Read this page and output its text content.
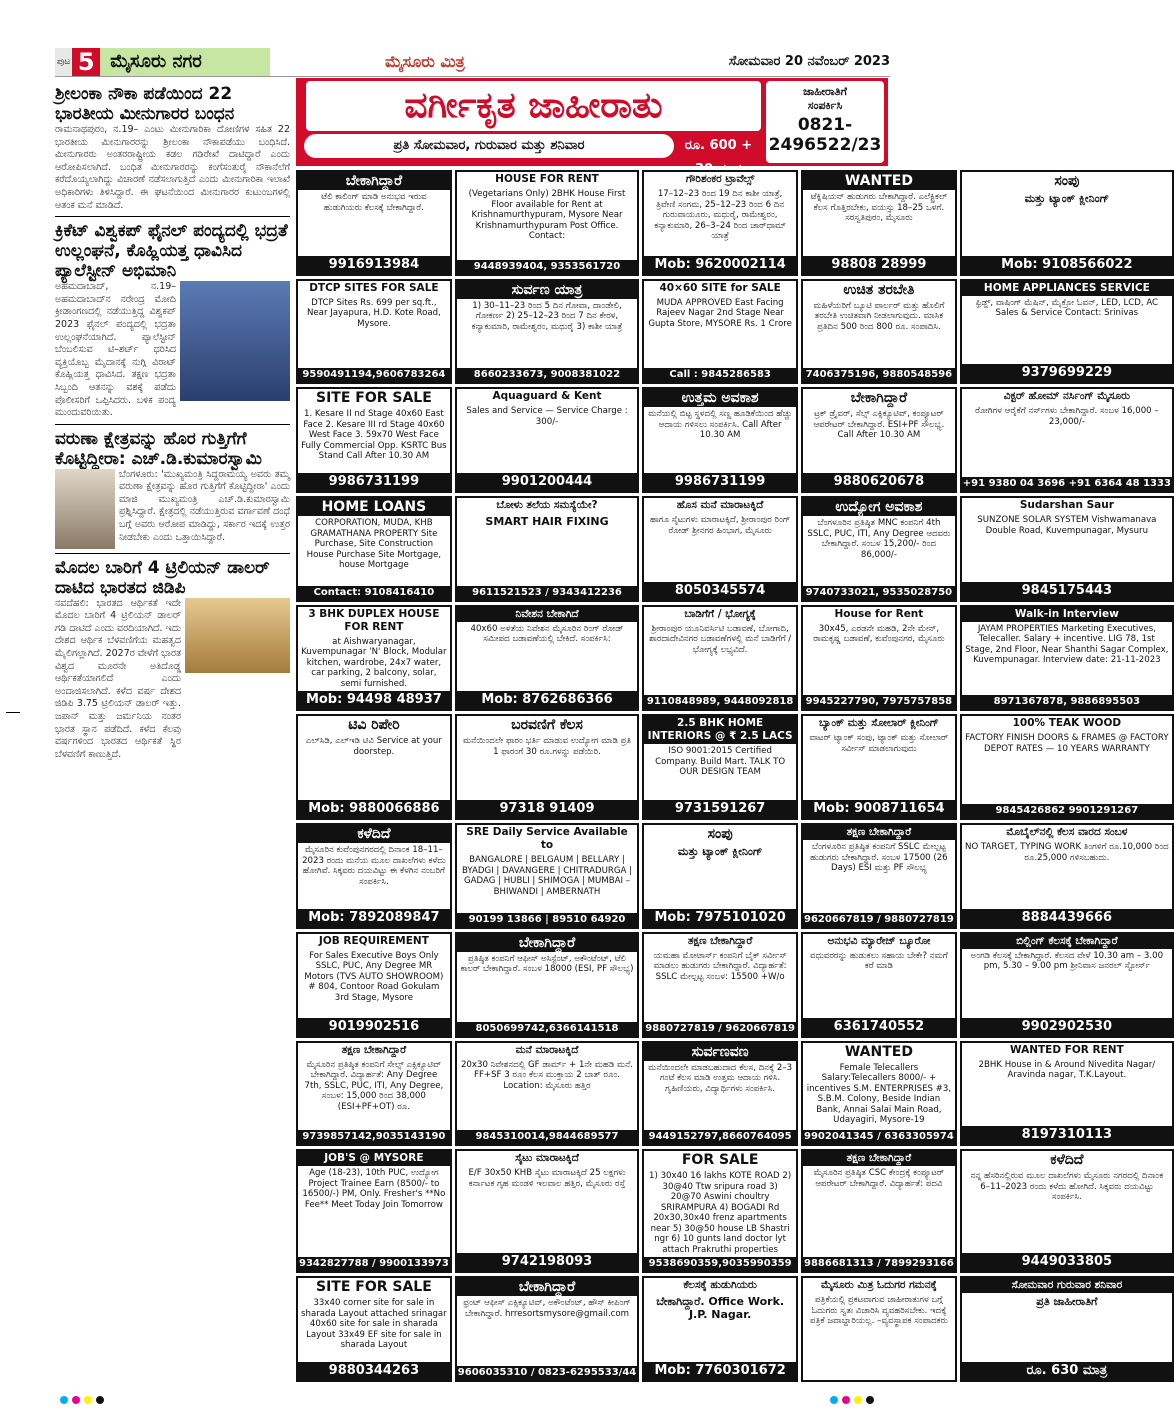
ಪುಟ 5 ಮೈಸೂರು ನಗರ	ಮೈಸೂರು ಮಿತ್ರ	ಸೋಮವಾರ 20 ನವೆಂಬರ್ 2023
ಶ್ರೀಲಂಕಾ ನೌಕಾ ಪಡೆಯಿಂದ 22 ಭಾರತೀಯ ಮೀನುಗಾರರ ಬಂಧನ

ರಾಮನಾಥಪುರಂ, ನ.19– ಎಂಟು ಮೀನುಗಾರಿಕಾ ದೋಣಿಗಳ ಸಹಿತ 22 ಭಾರತೀಯ ಮೀನುಗಾರರನ್ನು ಶ್ರೀಲಂಕಾ ನೌಕಾಪಡೆಯು ಬಂಧಿಸಿದೆ. ಮೀನುಗಾರರು ಅಂತರರಾಷ್ಟ್ರೀಯ ಕಡಲ ಗಡಿರೇಖೆ ದಾಟಿದ್ದಾರೆ ಎಂದು ಆರೋಪಿಸಲಾಗಿದೆ. ಬಂಧಿತ ಮೀನುಗಾರರನ್ನು ಕಂಗೆಸಂತುರೈ ನೌಕಾನೆಲೆಗೆ ಕರೆದೊಯ್ಯಲಾಗಿದ್ದು ವಿಚಾರಣೆ ನಡೆಸಲಾಗುತ್ತಿದೆ ಎಂದು ಮೀನುಗಾರಿಕಾ ಇಲಾಖೆ ಅಧಿಕಾರಿಗಳು ತಿಳಿಸಿದ್ದಾರೆ. ಈ ಘಟನೆಯಿಂದ ಮೀನುಗಾರರ ಕುಟುಂಬಗಳಲ್ಲಿ ಆತಂಕ ಮನೆ ಮಾಡಿದೆ.

ಕ್ರಿಕೆಟ್ ವಿಶ್ವಕಪ್ ಫೈನಲ್ ಪಂದ್ಯದಲ್ಲಿ ಭದ್ರತೆ ಉಲ್ಲಂಘನೆ, ಕೊಹ್ಲಿಯತ್ತ ಧಾವಿಸಿದ ಪ್ಯಾಲೆಸ್ಟೀನ್ ಅಭಿಮಾನಿ

ಅಹಮದಾಬಾದ್, ನ.19– ಅಹಮದಾಬಾದ್‌ನ ನರೇಂದ್ರ ಮೋದಿ ಕ್ರೀಡಾಂಗಣದಲ್ಲಿ ನಡೆಯುತ್ತಿದ್ದ ವಿಶ್ವಕಪ್ 2023 ಫೈನಲ್ ಪಂದ್ಯದಲ್ಲಿ ಭದ್ರತಾ ಉಲ್ಲಂಘನೆಯಾಗಿದೆ. ಪ್ಯಾಲೆಸ್ಟೀನ್ ಬೆಂಬಲಿಸುವ ಟಿ–ಶರ್ಟ್ ಧರಿಸಿದ ವ್ಯಕ್ತಿಯೊಬ್ಬ ಮೈದಾನಕ್ಕೆ ನುಗ್ಗಿ ವಿರಾಟ್ ಕೊಹ್ಲಿಯತ್ತ ಧಾವಿಸಿದ. ತಕ್ಷಣ ಭದ್ರತಾ ಸಿಬ್ಬಂದಿ ಆತನನ್ನು ವಶಕ್ಕೆ ಪಡೆದು ಪೊಲೀಸರಿಗೆ ಒಪ್ಪಿಸಿದರು. ಬಳಿಕ ಪಂದ್ಯ ಮುಂದುವರಿಯಿತು.

ವರುಣಾ ಕ್ಷೇತ್ರವನ್ನು ಹೊರ ಗುತ್ತಿಗೆಗೆ ಕೊಟ್ಟಿದ್ದೀರಾ: ಎಚ್.ಡಿ.ಕುಮಾರಸ್ವಾಮಿ

ಬೆಂಗಳೂರು: 'ಮುಖ್ಯಮಂತ್ರಿ ಸಿದ್ದರಾಮಯ್ಯ ಅವರು ತಮ್ಮ ವರುಣಾ ಕ್ಷೇತ್ರವನ್ನು ಹೊರ ಗುತ್ತಿಗೆಗೆ ಕೊಟ್ಟಿದ್ದೀರಾ' ಎಂದು ಮಾಜಿ ಮುಖ್ಯಮಂತ್ರಿ ಎಚ್.ಡಿ.ಕುಮಾರಸ್ವಾಮಿ ಪ್ರಶ್ನಿಸಿದ್ದಾರೆ. ಕ್ಷೇತ್ರದಲ್ಲಿ ನಡೆಯುತ್ತಿರುವ ವರ್ಗಾವಣೆ ದಂಧೆ ಬಗ್ಗೆ ಅವರು ಆರೋಪ ಮಾಡಿದ್ದು, ಸರ್ಕಾರ ಇದಕ್ಕೆ ಉತ್ತರ ನೀಡಬೇಕು ಎಂದು ಒತ್ತಾಯಿಸಿದ್ದಾರೆ.

ಮೊದಲ ಬಾರಿಗೆ 4 ಟ್ರಿಲಿಯನ್ ಡಾಲರ್ ದಾಟಿದ ಭಾರತದ ಜಿಡಿಪಿ

ನವದೆಹಲಿ: ಭಾರತದ ಆರ್ಥಿಕತೆ ಇದೇ ಮೊದಲ ಬಾರಿಗೆ 4 ಟ್ರಿಲಿಯನ್ ಡಾಲರ್ ಗಡಿ ದಾಟಿದೆ ಎಂದು ವರದಿಯಾಗಿದೆ. ಇದು ದೇಶದ ಆರ್ಥಿಕ ಬೆಳವಣಿಗೆಯ ಮಹತ್ವದ ಮೈಲಿಗಲ್ಲಾಗಿದೆ. 2027ರ ವೇಳೆಗೆ ಭಾರತ ವಿಶ್ವದ ಮೂರನೇ ಅತಿದೊಡ್ಡ ಆರ್ಥಿಕತೆಯಾಗಲಿದೆ ಎಂದು ಅಂದಾಜಿಸಲಾಗಿದೆ. ಕಳೆದ ವರ್ಷ ದೇಶದ ಜಿಡಿಪಿ 3.75 ಟ್ರಿಲಿಯನ್ ಡಾಲರ್ ಇತ್ತು. ಜಪಾನ್ ಮತ್ತು ಜರ್ಮನಿಯ ನಂತರ ಭಾರತ ಸ್ಥಾನ ಪಡೆದಿದೆ. ಕಳೆದ ಕೆಲವು ವರ್ಷಗಳಿಂದ ಭಾರತದ ಆರ್ಥಿಕತೆ ಸ್ಥಿರ ಬೆಳವಣಿಗೆ ಕಾಣುತ್ತಿದೆ.

ವರ್ಗೀಕೃತ ಜಾಹೀರಾತು
ಪ್ರತಿ ಸೋಮವಾರ, ಗುರುವಾರ ಮತ್ತು ಶನಿವಾರ	ರೂ. 600 +
ಜಾಹೀರಾತಿಗೆ
ಸಂಪರ್ಕಿಸಿ
0821-2496522/23
ಬೇಕಾಗಿದ್ದಾರೆ
ಟೆಲಿ ಕಾಲಿಂಗ್ ಮಾಡಿ ಅನುಭವ ಇರುವ ಹುಡುಗಿಯರು ಕೆಲಸಕ್ಕೆ ಬೇಕಾಗಿದ್ದಾರೆ.
9916913984
HOUSE FOR RENT
(Vegetarians Only) 2BHK House First Floor available for Rent at Krishnamurthypuram, Mysore Near Krishnamurthypuram Post Office. Contact:
9448939404, 9353561720
ಗೌರಿಶಂಕರ ಟ್ರಾವೆಲ್ಸ್
17–12–23 ರಿಂದ 19 ದಿನ ಕಾಶೀ ಯಾತ್ರೆ, ತ್ರಿವೇಣಿ ಸಂಗಮ, 25–12–23 ರಿಂದ 6 ದಿನ ಗುರುವಾಯೂರು, ಮಧುರೈ, ರಾಮೇಶ್ವರಂ, ಕನ್ಯಾಕುಮಾರಿ, 26–3–24 ರಿಂದ ಚಾರ್‌ಧಾಮ್ ಯಾತ್ರೆ
Mob: 9620002114
WANTED
ಟೆಕ್ನಿಷಿಯನ್ ಹುಡುಗರು ಬೇಕಾಗಿದ್ದಾರೆ. ಎಲೆಕ್ಟ್ರಿಕಲ್ ಕೆಲಸ ಗೊತ್ತಿರಬೇಕು, ವಯಸ್ಸು 18–25 ಒಳಗೆ. ಸರಸ್ವತಿಪುರಂ, ಮೈಸೂರು
98808 28999
ಸಂಪು
ಮತ್ತು ಟ್ಯಾಂಕ್ ಕ್ಲೀನಿಂಗ್
Mob: 9108566022
DTCP SITES FOR SALE
DTCP Sites Rs. 699 per sq.ft., Near Jayapura, H.D. Kote Road, Mysore.
9590491194,9606783264
ಸುರ್ವಣ ಯಾತ್ರ
1) 30–11–23 ರಿಂದ 5 ದಿನ ಗೋವಾ, ದಾಂಡೇಲಿ, ಗೋಕರ್ಣ 2) 25–12–23 ರಿಂದ 7 ದಿನ ಕೇರಳ, ಕನ್ಯಾಕುಮಾರಿ, ರಾಮೇಶ್ವರಂ, ಮಧುರೈ 3) ಕಾಶೀ ಯಾತ್ರೆ
8660233673, 9008381022
40×60 SITE for SALE
MUDA APPROVED East Facing Rajeev Nagar 2nd Stage Near Gupta Store, MYSORE Rs. 1 Crore
Call : 9845286583
ಉಚಿತ ತರಬೇತಿ
ಮಹಿಳೆಯರಿಗೆ ಬ್ಯೂಟಿ ಪಾರ್ಲರ್ ಮತ್ತು ಹೊಲಿಗೆ ತರಬೇತಿ ಉಚಿತವಾಗಿ ನೀಡಲಾಗುವುದು. ಮಾಸಿಕ ಪ್ರತಿದಿನ 500 ರಿಂದ 800 ರೂ. ಸಂಪಾದಿಸಿ.
7406375196, 9880548596
HOME APPLIANCES SERVICE
ಫ್ರಿಡ್ಜ್, ವಾಷಿಂಗ್ ಮೆಷಿನ್, ಮೈಕ್ರೋ ಓವನ್, LED, LCD, AC Sales & Service Contact: Srinivas
9379699229
SITE FOR SALE
1. Kesare II nd Stage 40x60 East Face 2. Kesare III rd Stage 40x60 West Face 3. 59x70 West Face Fully Commercial Opp. KSRTC Bus Stand Call After 10.30 AM
9986731199
Aquaguard & Kent
Sales and Service — Service Charge : 300/-
9901200444
ಉತ್ತಮ ಅವಕಾಶ
ಮನೆಯಲ್ಲಿ ಬಿಟ್ಟ ಸ್ಥಳದಲ್ಲಿ ಸಣ್ಣ ಹೂಡಿಕೆಯಿಂದ ಹೆಚ್ಚು ಆದಾಯ ಗಳಿಸಲು ಸಂಪರ್ಕಿಸಿ. Call After 10.30 AM
9986731199
ಬೇಕಾಗಿದ್ದಾರೆ
ಟ್ರಕ್ ಡ್ರೈವರ್, ಸೆಲ್ಸ್ ಎಕ್ಸಿಕ್ಯೂಟಿವ್, ಕಂಪ್ಯೂಟರ್ ಆಪರೇಟರ್ ಬೇಕಾಗಿದ್ದಾರೆ. ESI+PF ಸೌಲಭ್ಯ. Call After 10.30 AM
9880620678
ವಿಕ್ಟರ್ ಹೋಮ್ ನರ್ಸಿಂಗ್ ಮೈಸೂರು
ರೋಗಿಗಳ ಆರೈಕೆಗೆ ನರ್ಸ್‌ಗಳು ಬೇಕಾಗಿದ್ದಾರೆ. ಸಂಬಳ 16,000 – 23,000/-
+91 9380 04 3696 +91 6364 48 1333
HOME LOANS
CORPORATION, MUDA, KHB GRAMATHANA PROPERTY Site Purchase, Site Construction House Purchase Site Mortgage, house Mortgage
Contact: 9108416410
ಬೋಳು ತಲೆಯ ಸಮಸ್ಯೆಯೇ?
SMART HAIR FIXING
9611521523 / 9343412236
ಹೊಸ ಮನೆ ಮಾರಾಟಕ್ಕಿದೆ
ಹಾಗೂ ಸೈಟುಗಳು ಮಾರಾಟಕ್ಕಿದೆ, ಶ್ರೀರಾಂಪುರ ರಿಂಗ್ ರೋಡ್ ಶ್ರೀನಗರ ಹಿಂಭಾಗ, ಮೈಸೂರು
8050345574
ಉದ್ಯೋಗ ಅವಕಾಶ
ಬೆಂಗಳೂರಿನ ಪ್ರತಿಷ್ಠಿತ MNC ಕಂಪನಿಗೆ 4th SSLC, PUC, ITI, Any Degree ಆದವರು ಬೇಕಾಗಿದ್ದಾರೆ. ಸಂಬಳ 15,200/- ರಿಂದ 86,000/-
9740733021, 9535028750
Sudarshan Saur
SUNZONE SOLAR SYSTEM Vishwamanava Double Road, Kuvempunagar, Mysuru
9845175443
3 BHK DUPLEX HOUSE FOR RENT
at Aishwaryanagar, Kuvempunagar 'N' Block, Modular kitchen, wardrobe, 24x7 water, car parking, 2 balcony, solar, semi furnished.
Mob: 94498 48937
ನಿವೇಶನ ಬೇಕಾಗಿದೆ
40x60 ಅಳತೆಯ ನಿವೇಶನ ಮೈಸೂರಿನ ರಿಂಗ್ ರೋಡ್ ಸಮೀಪದ ಬಡಾವಣೆಯಲ್ಲಿ ಬೇಕಿದೆ. ಸಂಪರ್ಕಿಸಿ:
Mob: 8762686366
ಬಾಡಿಗೆಗೆ / ಭೋಗ್ಯಕ್ಕೆ
ಶ್ರೀರಾಂಪುರ ಯೂನಿವರ್ಸಿಟಿ ಬಡಾವಣೆ, ಬೋಗಾದಿ, ಶಾರದಾದೇವಿನಗರ ಬಡಾವಣೆಗಳಲ್ಲಿ ಮನೆ ಬಾಡಿಗೆಗೆ / ಭೋಗ್ಯಕ್ಕೆ ಲಭ್ಯವಿದೆ.
9110848989, 9448092818
House for Rent
30x45, ಎರಡನೇ ಮಹಡಿ, 2ನೇ ಮೇನ್, ರಾಮಕೃಷ್ಣ ಬಡಾವಣೆ, ಕುವೆಂಪುನಗರ, ಮೈಸೂರು
9945227790, 7975757858
Walk-in Interview
JAYAM PROPERTIES Marketing Executives, Telecaller. Salary + incentive. LIG 78, 1st Stage, 2nd Floor, Near Shanthi Sagar Complex, Kuvempunagar. Interview date: 21-11-2023
8971367878, 9886895503
ಟಿವಿ ರಿಪೇರಿ
ಎಲ್‌ಸಿಡಿ, ಎಲ್‌ಇಡಿ ಟಿವಿ Service at your doorstep.
Mob: 9880066886
ಬರವಣಿಗೆ ಕೆಲಸ
ಮನೆಯಿಂದಲೇ ಫಾರಂ ಭರ್ತಿ ಮಾಡುವ ಉದ್ಯೋಗ ಮಾಡಿ ಪ್ರತಿ 1 ಫಾರಂಗೆ 30 ರೂ.ಗಳನ್ನು ಪಡೆಯಿರಿ.
97318 91409
2.5 BHK HOME INTERIORS @ ₹ 2.5 LACS
ISO 9001:2015 Certified Company. Build Mart. TALK TO OUR DESIGN TEAM
9731591267
ಬ್ಯಾಂಕ್ ಮತ್ತು ಸೋಲಾರ್ ಕ್ಲೀನಿಂಗ್
ವಾಟರ್ ಟ್ಯಾಂಕ್ ಸಂಪು, ಟ್ಯಾಂಕ್ ಮತ್ತು ಸೋಲಾರ್ ಸರ್ವೀಸ್ ಮಾಡಲಾಗುವುದು
Mob: 9008711654
100% TEAK WOOD
FACTORY FINISH DOORS & FRAMES @ FACTORY DEPOT RATES — 10 YEARS WARRANTY
9845426862 9901291267
ಕಳೆದಿದೆ
ಮೈಸೂರಿನ ಕುವೆಂಪುನಗರದಲ್ಲಿ ದಿನಾಂಕ 18–11–2023 ರಂದು ಮನೆಯ ಮೂಲ ದಾಖಲೆಗಳು ಕಳೆದು ಹೋಗಿವೆ. ಸಿಕ್ಕವರು ದಯವಿಟ್ಟು ಈ ಕೆಳಗಿನ ನಂಬರಿಗೆ ಸಂಪರ್ಕಿಸಿ.
Mob: 7892089847
SRE Daily Service Available to
BANGALORE | BELGAUM | BELLARY | BYADGI | DAVANGERE | CHITRADURGA | GADAG | HUBLI | SHIMOGA | MUMBAI – BHIWANDI | AMBERNATH
90199 13866 | 89510 64920
ಸಂಪು
ಮತ್ತು ಟ್ಯಾಂಕ್ ಕ್ಲೀನಿಂಗ್
Mob: 7975101020
ತಕ್ಷಣ ಬೇಕಾಗಿದ್ದಾರೆ
ಬೆಂಗಳೂರಿನ ಪ್ರತಿಷ್ಠಿತ ಕಂಪನಿಗೆ SSLC ಮೇಲ್ಪಟ್ಟ ಹುಡುಗರು ಬೇಕಾಗಿದ್ದಾರೆ. ಸಂಬಳ 17500 (26 Days) ESI ಮತ್ತು PF ಸೌಲಭ್ಯ
9620667819 / 9880727819
ಮೊಬೈಲ್‌ನಲ್ಲಿ ಕೆಲಸ ವಾರದ ಸಂಬಳ
NO TARGET, TYPING WORK ತಿಂಗಳಿಗೆ ರೂ.10,000 ರಿಂದ ರೂ.25,000 ಗಳಿಸಬಹುದು.
8884439666
JOB REQUIREMENT
For Sales Executive Boys Only SSLC, PUC, Any Degree MR Motors (TVS AUTO SHOWROOM) # 804, Contoor Road Gokulam 3rd Stage, Mysore
9019902516
ಬೇಕಾಗಿದ್ದಾರೆ
ಪ್ರತಿಷ್ಠಿತ ಕಂಪನಿಗೆ ಆಫೀಸ್ ಅಸಿಸ್ಟೆಂಟ್, ಅಕೌಂಟೆಂಟ್, ಟೆಲಿ ಕಾಲರ್ ಬೇಕಾಗಿದ್ದಾರೆ. ಸಂಬಳ 18000 (ESI, PF ಸೌಲಭ್ಯ)
8050699742,6366141518
ತಕ್ಷಣ ಬೇಕಾಗಿದ್ದಾರೆ
ಯಮಹಾ ಮೋಟಾರ್ಸ್ ಕಂಪನಿಗೆ ಬೈಕ್ ಸರ್ವೀಸ್ ಮಾಡಲು ಹುಡುಗರು ಬೇಕಾಗಿದ್ದಾರೆ. ವಿದ್ಯಾರ್ಹತೆ: SSLC ಮೇಲ್ಪಟ್ಟ ಸಂಬಳ: 15500 +W/o
9880727819 / 9620667819
ಅನುಭವಿ ಮ್ಯಾರೇಜ್ ಬ್ಯೂರೋ
ವಧುವರರನ್ನು ಹುಡುಕಲು ಸಹಾಯ ಬೇಕೇ? ನಮಗೆ ಕರೆ ಮಾಡಿ
6361740552
ಬಿಲ್ಲಿಂಗ್ ಕೆಲಸಕ್ಕೆ ಬೇಕಾಗಿದ್ದಾರೆ
ಅಂಗಡಿ ಕೆಲಸಕ್ಕೆ ಬೇಕಾಗಿದ್ದಾರೆ. ಕೆಲಸದ ವೇಳೆ 10.30 am – 3.00 pm, 5.30 – 9.00 pm ಶ್ರೀನಿವಾಸ ಜನರಲ್ ಸ್ಟೋರ್ಸ್
9902902530
ತಕ್ಷಣ ಬೇಕಾಗಿದ್ದಾರೆ
ಮೈಸೂರಿನ ಪ್ರತಿಷ್ಠಿತ ಕಂಪನಿಗೆ ಸೇಲ್ಸ್ ಎಕ್ಸಿಕ್ಯೂಟಿವ್ ಬೇಕಾಗಿದ್ದಾರೆ. ವಿದ್ಯಾರ್ಹತೆ: Any Degree 7th, SSLC, PUC, ITI, Any Degree, ಸಂಬಳ: 15,000 ರಿಂದ 38,000 (ESI+PF+OT) ರೂ.
9739857142,9035143190
ಮನೆ ಮಾರಾಟಕ್ಕಿದೆ
20x30 ನಿವೇಶನದಲ್ಲಿ GF ಡಾರ್ಮ್ + 1ನೇ ಮಹಡಿ ಮನೆ. FF+SF 3 ರೂಂ ಕೆಲಸ ಮುಕ್ತಾಯ 2 ಬಾತ್ ರೂಂ. Location: ಮೈಸೂರು ಹತ್ತಿರ
9845310014,9844689577
ಸುರ್ವಣವಣ
ಮನೆಯಿಂದಲೇ ಮಾಡಬಹುದಾದ ಕೆಲಸ, ದಿನಕ್ಕೆ 2–3 ಗಂಟೆ ಕೆಲಸ ಮಾಡಿ ಉತ್ತಮ ಆದಾಯ ಗಳಿಸಿ. ಗೃಹಿಣಿಯರು, ವಿದ್ಯಾರ್ಥಿಗಳು ಸಂಪರ್ಕಿಸಿ.
9449152797,8660764095
WANTED
Female Telecallers Salary:Telecallers 8000/- + incentives S.M. ENTERPRISES #3, S.B.M. Colony, Beside Indian Bank, Annai Salai Main Road, Udayagiri, Mysore-19
9902041345 / 6363305974
WANTED FOR RENT
2BHK House in & Around Nivedita Nagar/ Aravinda nagar, T.K.Layout.
8197310113
JOB'S @ MYSORE
Age (18-23), 10th PUC, ಉದ್ಯೋಗ Project Trainee Earn (8500/- to 16500/-) PM, Only. Fresher's **No Fee** Meet Today Join Tomorrow
9342827788 / 9900133973
ಸೈಟು ಮಾರಾಟಕ್ಕಿದೆ
E/F 30x50 KHB ಸೈಟು ಮಾರಾಟಕ್ಕಿದೆ 25 ಲಕ್ಷಗಳು ಕರ್ನಾಟಕ ಗೃಹ ಮಂಡಳಿ ಇಲವಾಲ ಹತ್ತಿರ, ಮೈಸೂರು ರಸ್ತೆ
9742198093
FOR SALE
1) 30x40 16 lakhs KOTE ROAD 2) 30@40 Ttw sripura road 3) 20@70 Aswini choultry SRIRAMPURA 4) BOGADI Rd 20x30,30x40 frenz apartments near 5) 30@50 house LB Shastri ngr 6) 10 gunts land doctor lyt attach Prakruthi properties
9538690359,9035990359
ತಕ್ಷಣ ಬೇಕಾಗಿದ್ದಾರೆ
ಮೈಸೂರಿನ ಪ್ರತಿಷ್ಠಿತ CSC ಕೇಂದ್ರಕ್ಕೆ ಕಂಪ್ಯೂಟರ್ ಆಪರೇಟರ್ ಬೇಕಾಗಿದ್ದಾರೆ. ವಿದ್ಯಾರ್ಹತೆ: ಪದವಿ
9886681313 / 7899293166
ಕಳೆದಿದೆ
ನನ್ನ ಹೆಸರಿನಲ್ಲಿರುವ ಮೂಲ ದಾಖಲೆಗಳು ಮೈಸೂರು ನಗರದಲ್ಲಿ ದಿನಾಂಕ 6–11–2023 ರಂದು ಕಳೆದು ಹೋಗಿದೆ. ಸಿಕ್ಕವರು ದಯವಿಟ್ಟು ಸಂಪರ್ಕಿಸಿ.
9449033805
SITE FOR SALE
33x40 corner site for sale in sharada Layout attached srinagar 40x60 site for sale in sharada Layout 33x49 EF site for sale in sharada Layout
9880344263
ಬೇಕಾಗಿದ್ದಾರೆ
ಫ್ರಂಟ್ ಆಫೀಸ್ ಎಕ್ಸಿಕ್ಯೂಟಿವ್, ಅಕೌಂಟೆಂಟ್, ಹೌಸ್ ಕೀಪಿಂಗ್ ಬೇಕಾಗಿದ್ದಾರೆ. hrresortsmysore@gmail.com
9606035310 / 0823-6295533/44
ಕೆಲಸಕ್ಕೆ ಹುಡುಗಿಯರು
ಬೇಕಾಗಿದ್ದಾರೆ. Office Work. J.P. Nagar.
Mob: 7760301672
ಮೈಸೂರು ಮಿತ್ರ ಓದುಗರ ಗಮನಕ್ಕೆ
ಪತ್ರಿಕೆಯಲ್ಲಿ ಪ್ರಕಟವಾಗುವ ಜಾಹೀರಾತುಗಳ ಬಗ್ಗೆ ಓದುಗರು ಸ್ವತಃ ವಿಚಾರಿಸಿ ವ್ಯವಹರಿಸಬೇಕು. ಇದಕ್ಕೆ ಪತ್ರಿಕೆ ಜವಾಬ್ದಾರಿಯಲ್ಲ. –ವ್ಯವಸ್ಥಾಪಕ ಸಂಪಾದಕರು
ಸೋಮವಾರ ಗುರುವಾರ ಶನಿವಾರ
ಪ್ರತಿ ಜಾಹೀರಾತಿಗೆ
ರೂ. 630 ಮಾತ್ರ
